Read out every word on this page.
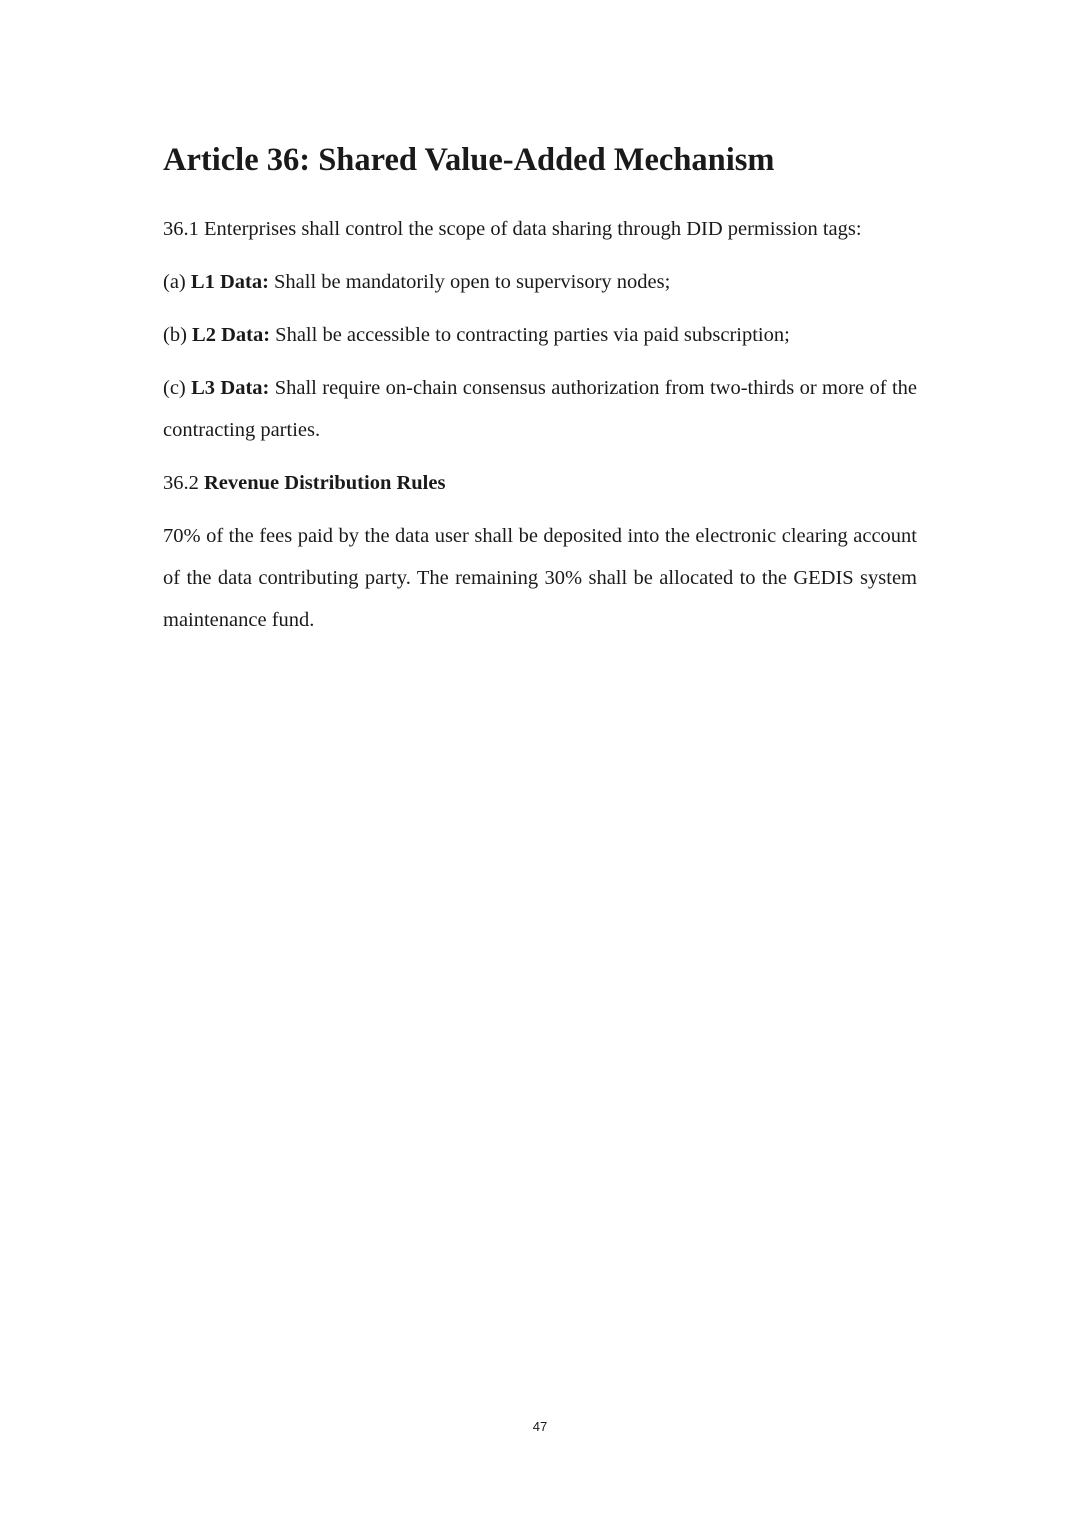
Article 36: Shared Value-Added Mechanism

36.1 Enterprises shall control the scope of data sharing through DID permission tags:

(a) L1 Data: Shall be mandatorily open to supervisory nodes;

(b) L2 Data: Shall be accessible to contracting parties via paid subscription;

(c) L3 Data: Shall require on-chain consensus authorization from two-thirds or more of the contracting parties.

36.2 Revenue Distribution Rules

70% of the fees paid by the data user shall be deposited into the electronic clearing account of the data contributing party. The remaining 30% shall be allocated to the GEDIS system maintenance fund.

47
